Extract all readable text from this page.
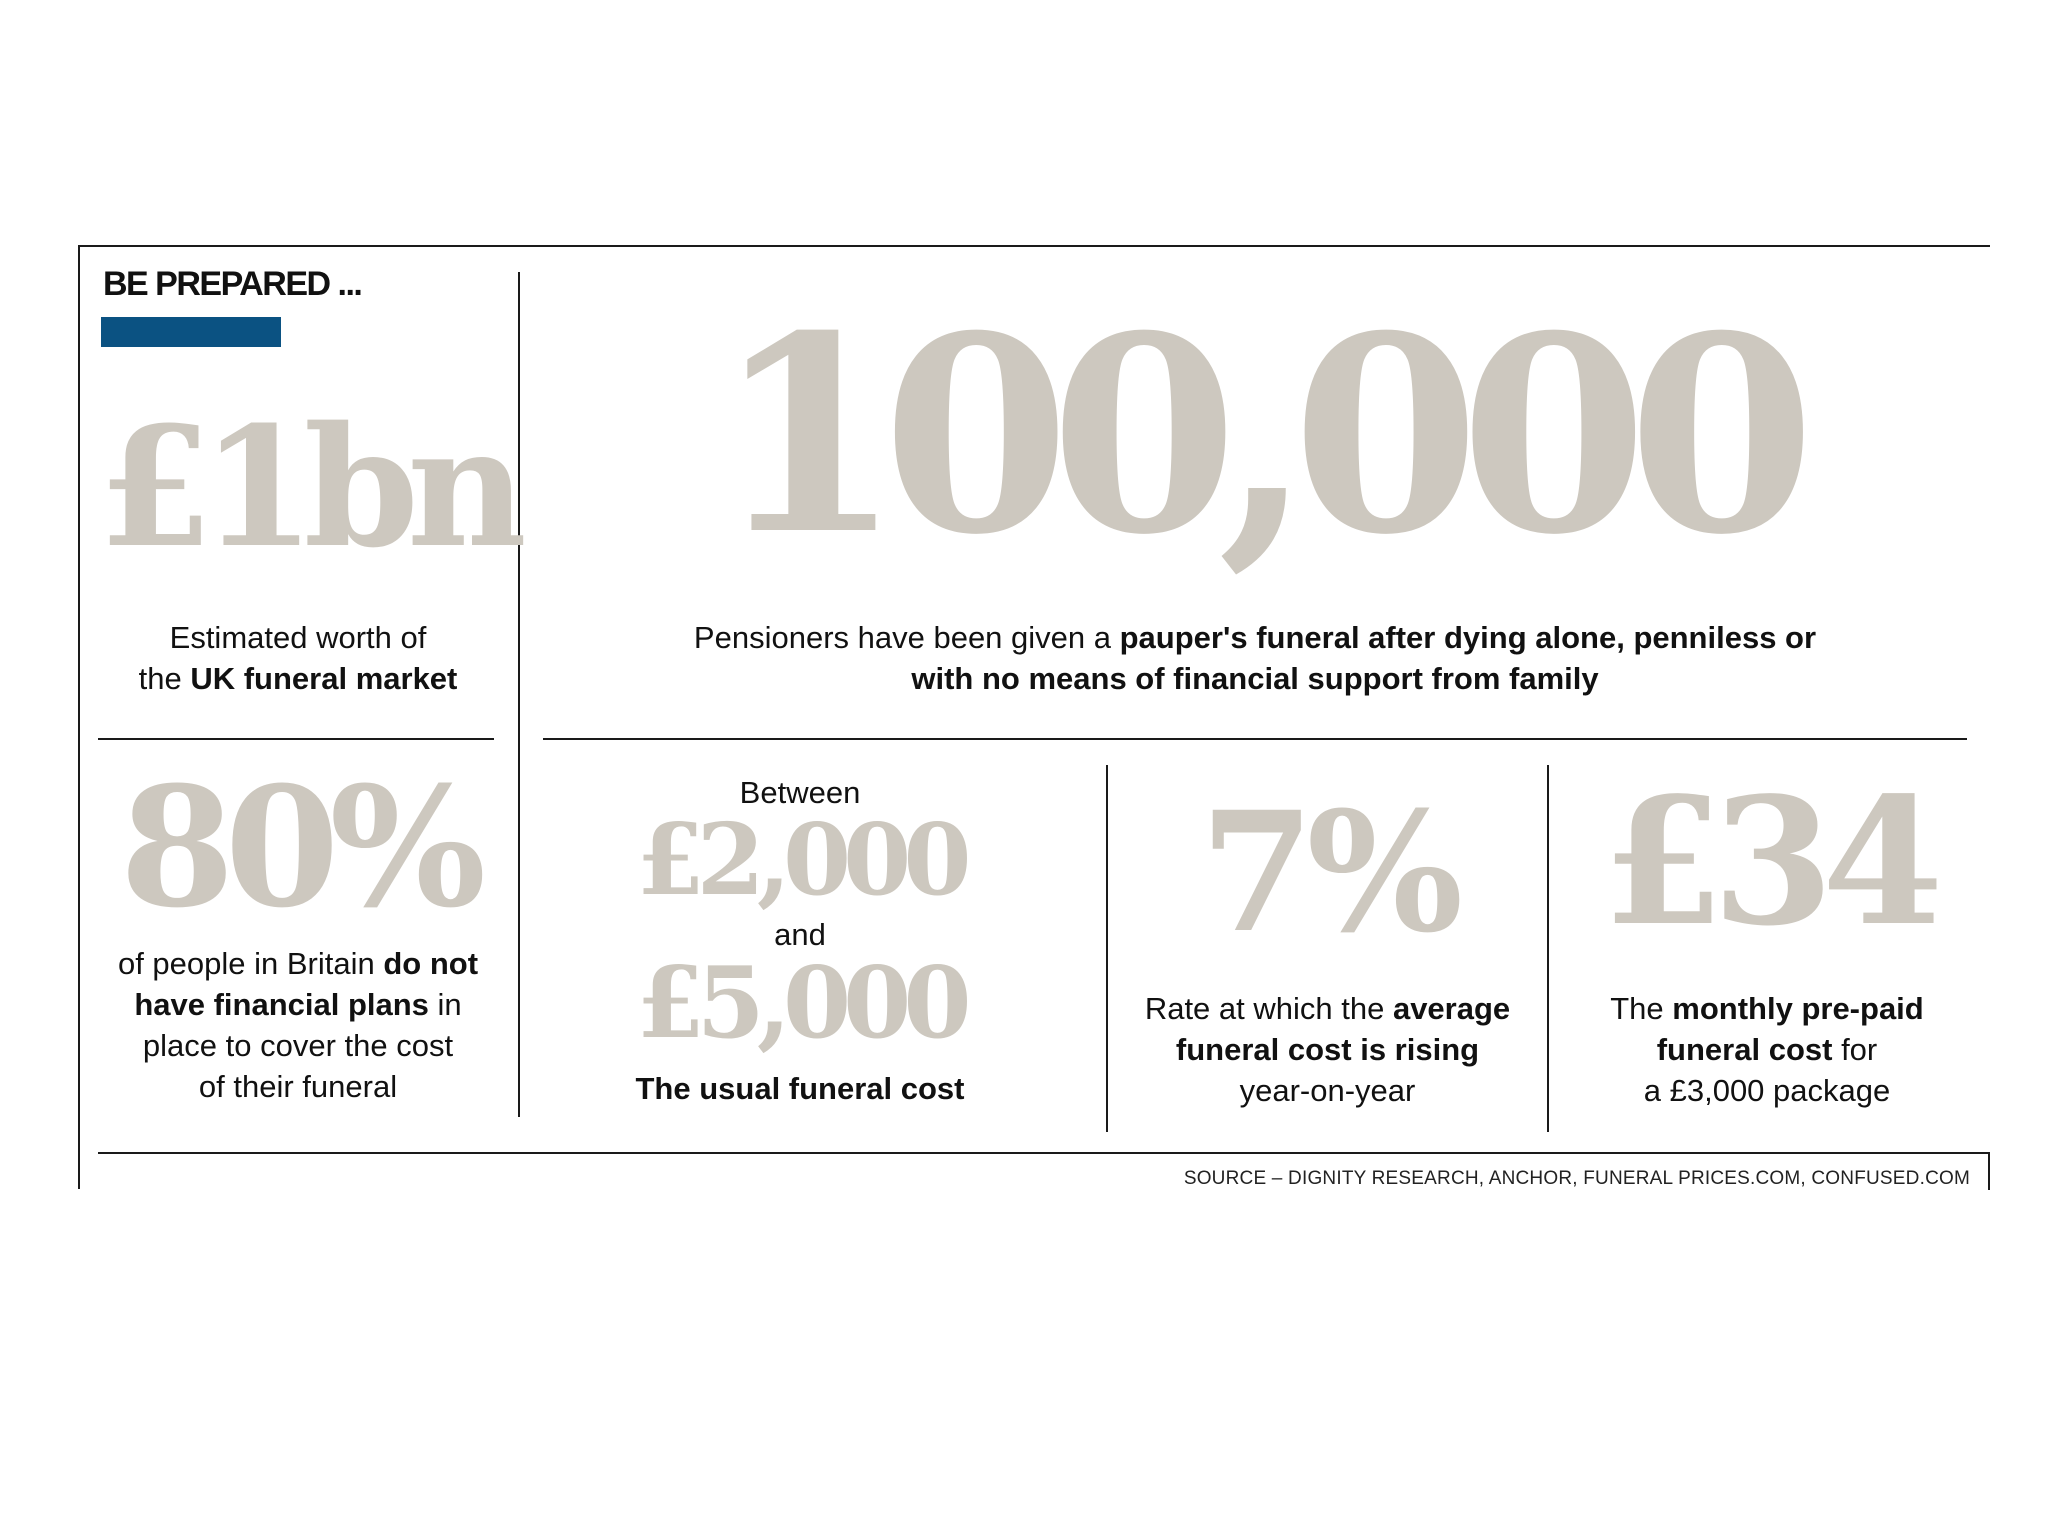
BE PREPARED ...
£1bn
Estimated worth of
the UK funeral market
100,000
Pensioners have been given a pauper's funeral after dying alone, penniless or
with no means of financial support from family
80%
of people in Britain do not
have financial plans in
place to cover the cost
of their funeral
Between
£2,000
and
£5,000
The usual funeral cost
7%
Rate at which the average
funeral cost is rising
year-on-year
£34
The monthly pre-paid
funeral cost for
a £3,000 package
SOURCE – DIGNITY RESEARCH, ANCHOR, FUNERAL PRICES.COM, CONFUSED.COM
